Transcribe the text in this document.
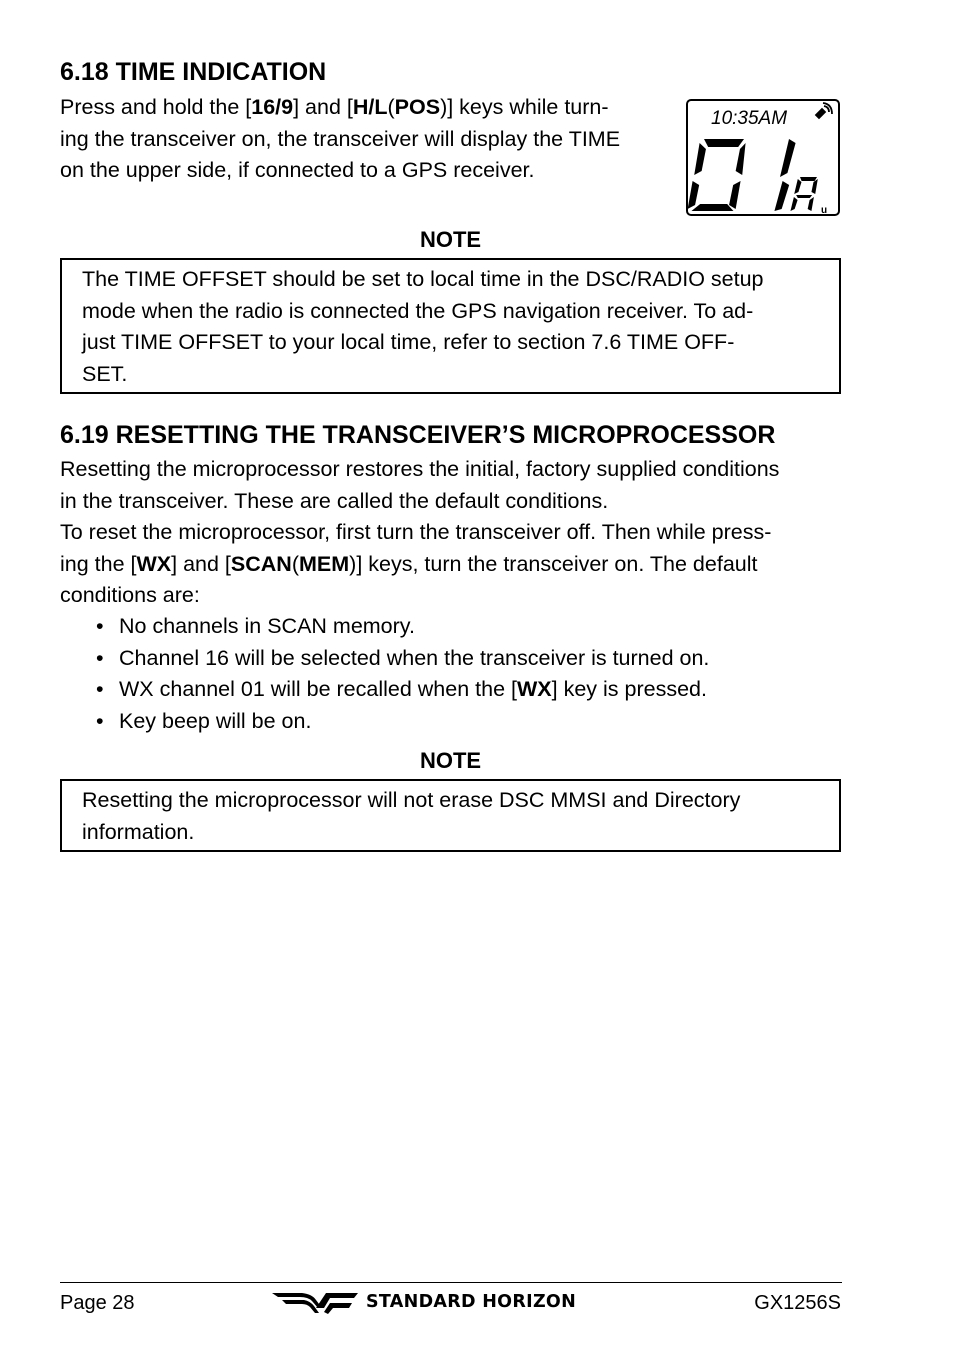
6.18 TIME INDICATION
Press and hold the [16/9] and [H/L(POS)] keys while turn-
ing the transceiver on, the transceiver will display the TIME
on the upper side, if connected to a GPS receiver.
10:35AM
u
NOTE
The TIME OFFSET should be set to local time in the DSC/RADIO setup
mode when the radio is connected the GPS navigation receiver. To ad-
just TIME OFFSET to your local time, refer to section 7.6 TIME OFF-
SET.
6.19 RESETTING THE TRANSCEIVER’S MICROPROCESSOR
Resetting the microprocessor restores the initial, factory supplied conditions
in the transceiver. These are called the default conditions.
To reset the microprocessor, first turn the transceiver off. Then while press-
ing the [WX] and [SCAN(MEM)] keys, turn the transceiver on. The default
conditions are:
• No channels in SCAN memory.
• Channel 16 will be selected when the transceiver is turned on.
• WX channel 01 will be recalled when the [WX] key is pressed.
• Key beep will be on.
NOTE
Resetting the microprocessor will not erase DSC MMSI and Directory
information.
Page 28	STANDARD HORIZON	GX1256S
